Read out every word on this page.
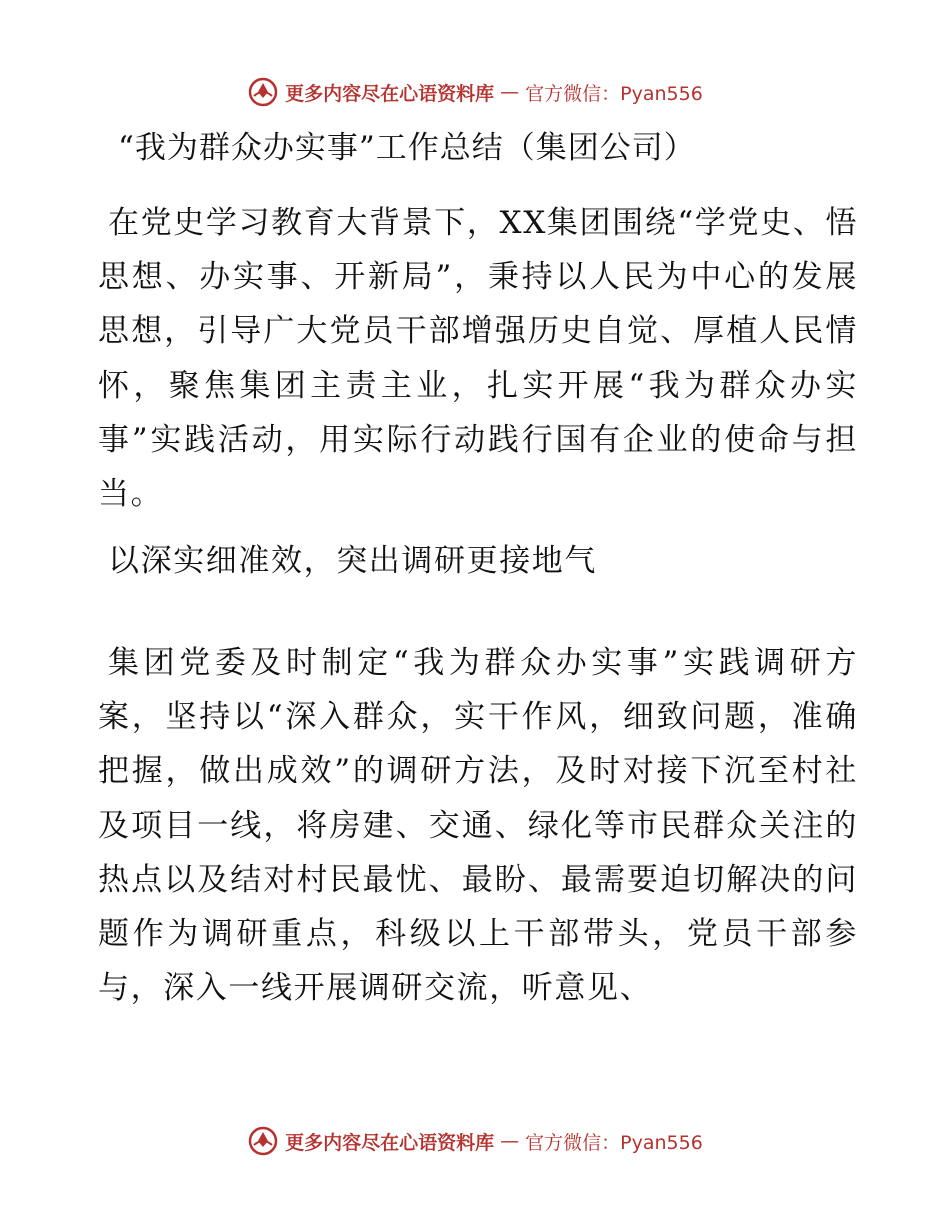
更多内容尽在心语资料库 — 官方微信：Pyan556
“我为群众办实事”工作总结（集团公司）

在党史学习教育大背景下，XX集团围绕“学党史、悟思想、办实事、开新局”，秉持以人民为中心的发展思想，引导广大党员干部增强历史自觉、厚植人民情怀，聚焦集团主责主业，扎实开展“我为群众办实事”实践活动，用实际行动践行国有企业的使命与担当。

以深实细准效，突出调研更接地气

集团党委及时制定“我为群众办实事”实践调研方案，坚持以“深入群众，实干作风，细致问题，准确把握，做出成效”的调研方法，及时对接下沉至村社及项目一线，将房建、交通、绿化等市民群众关注的热点以及结对村民最忧、最盼、最需要迫切解决的问题作为调研重点，科级以上干部带头，党员干部参与，深入一线开展调研交流，听意见、

更多内容尽在心语资料库 — 官方微信：Pyan556
